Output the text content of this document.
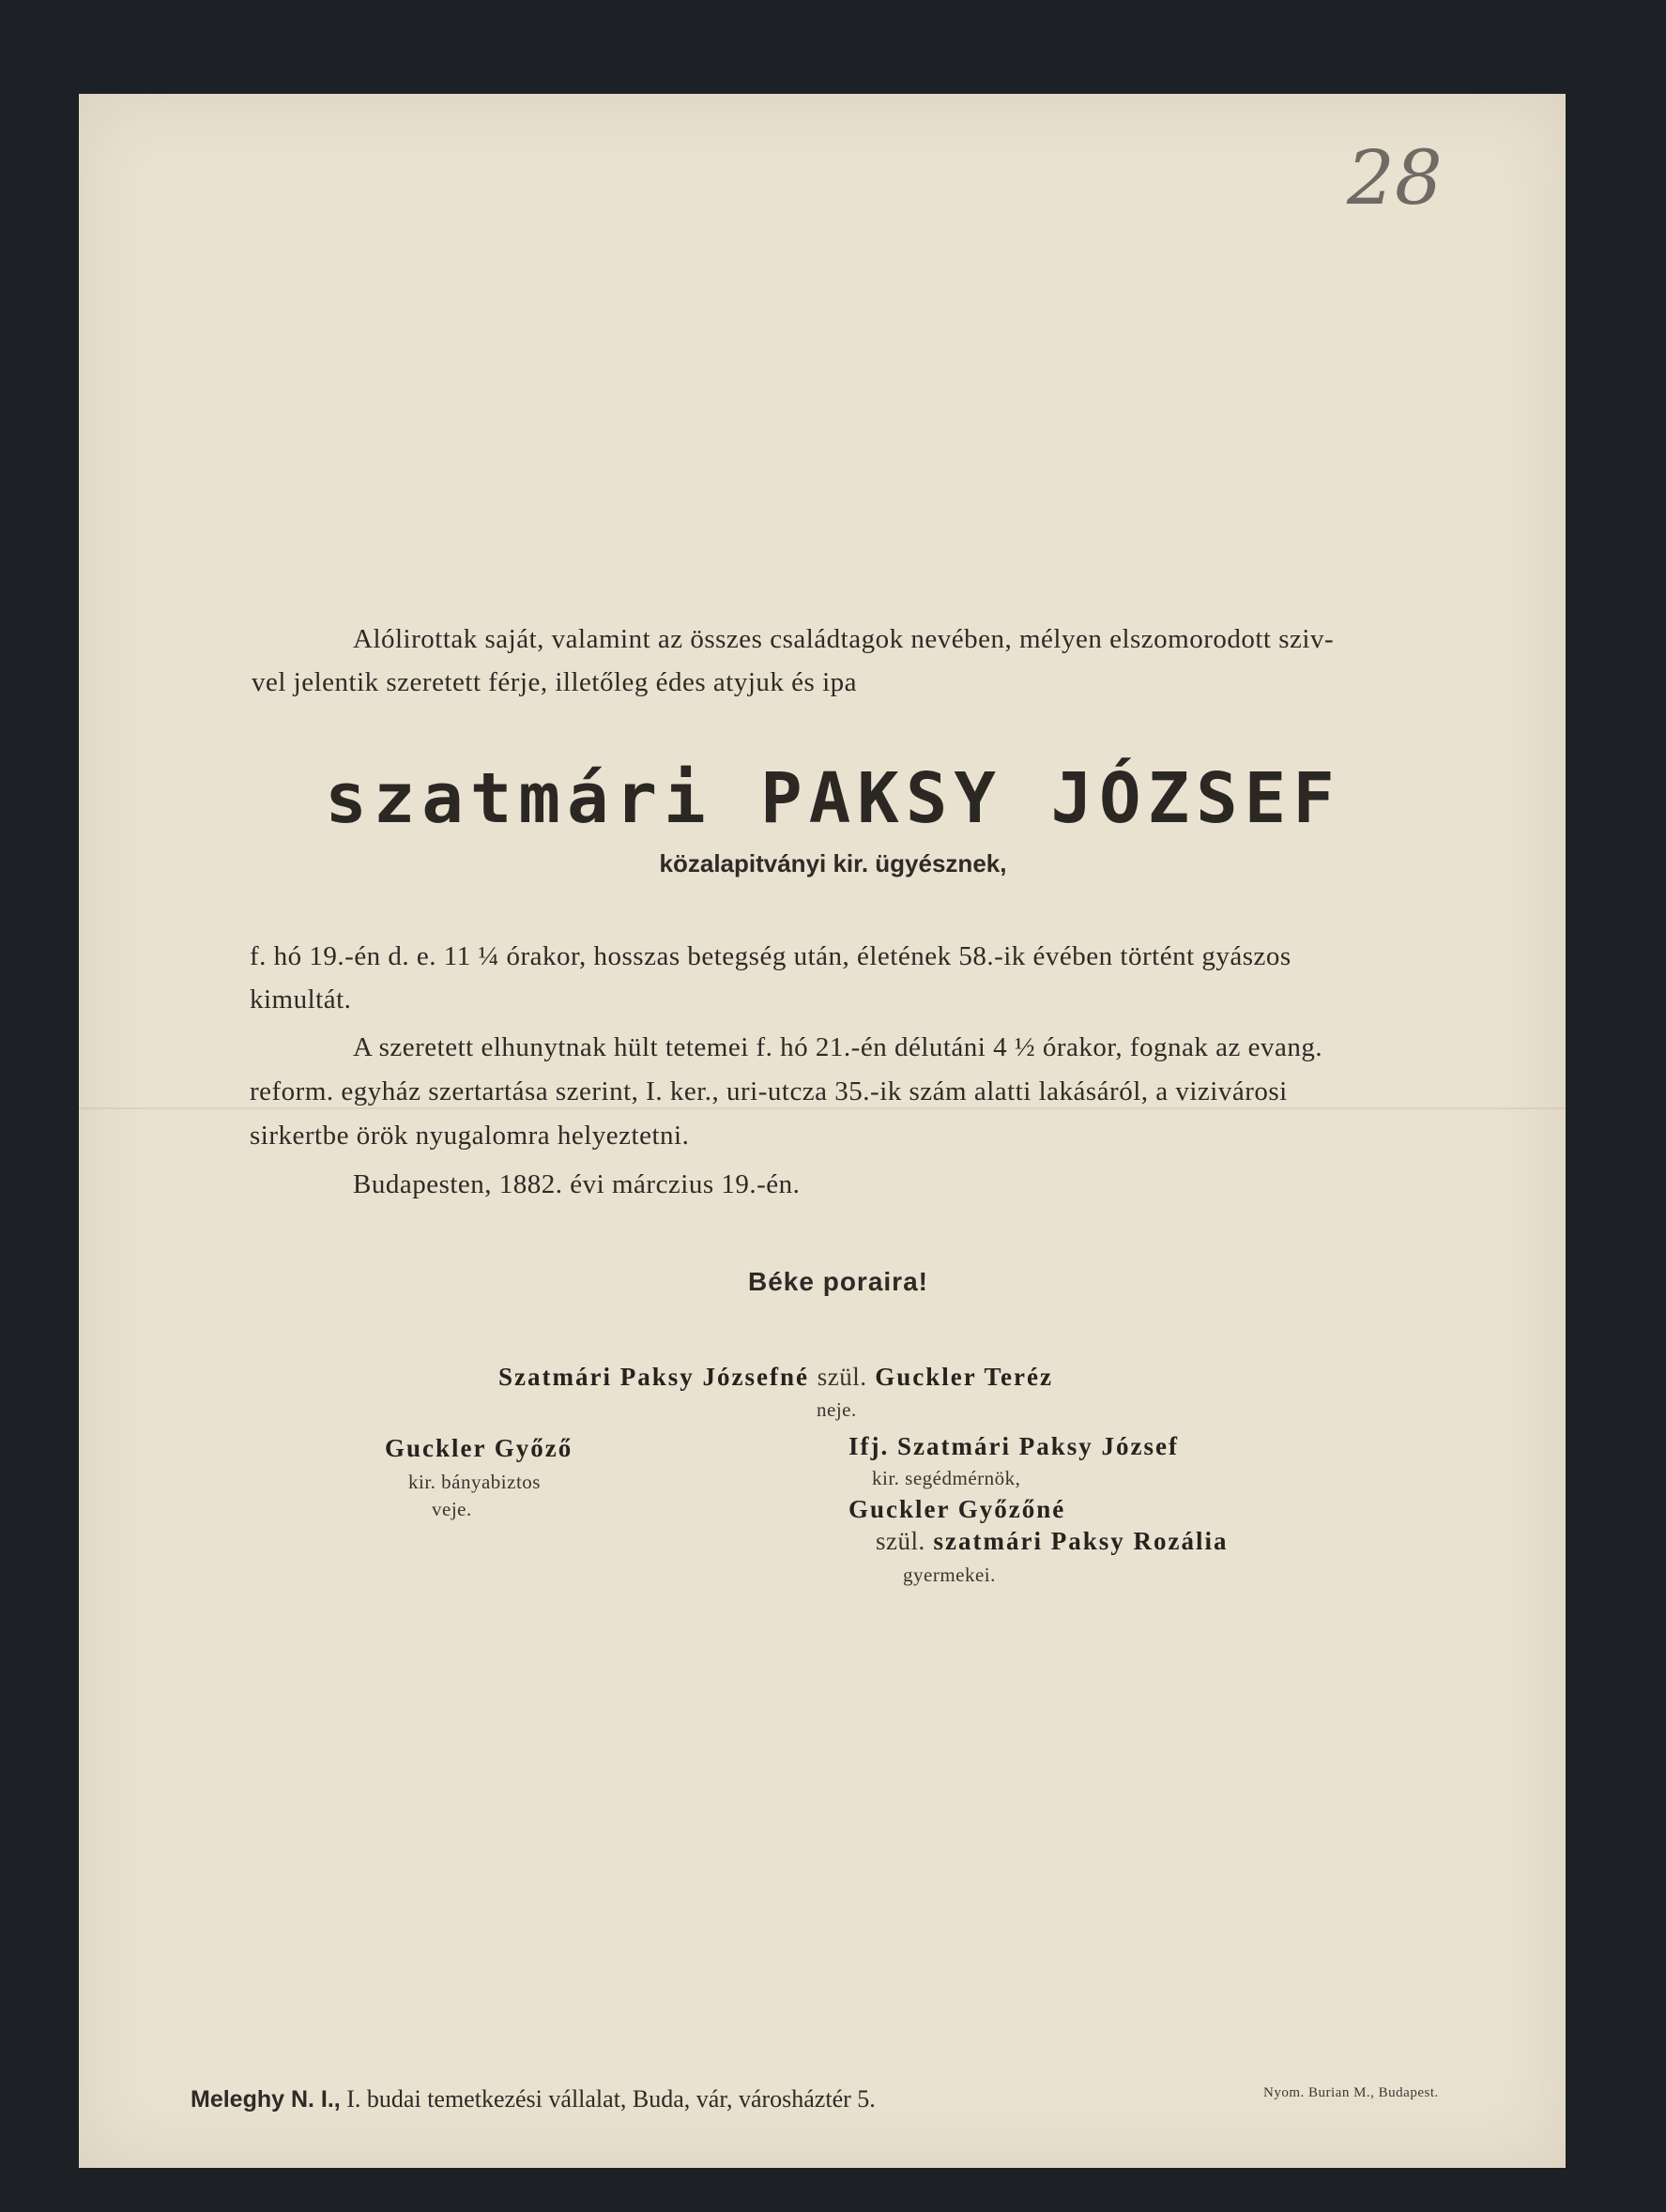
28
Alólirottak saját, valamint az összes családtagok nevében, mélyen elszomorodott sziv-
vel jelentik szeretett férje, illetőleg édes atyjuk és ipa
szatmári PAKSY JÓZSEF
közalapitványi kir. ügyésznek,
f. hó 19.-én d. e. 11 ¼ órakor, hosszas betegség után, életének 58.-ik évében történt gyászos
kimultát.
A szeretett elhunytnak hült tetemei f. hó 21.-én délutáni 4 ½ órakor, fognak az evang.
reform. egyház szertartása szerint, I. ker., uri-utcza 35.-ik szám alatti lakásáról, a vizivárosi
sirkertbe örök nyugalomra helyeztetni.
Budapesten, 1882. évi márczius 19.-én.
Béke poraira!
Szatmári Paksy Józsefné szül. Guckler Teréz
neje.
Guckler Győző
kir. bányabiztos
veje.
Ifj. Szatmári Paksy József
kir. segédmérnök,
Guckler Győzőné
szül. szatmári Paksy Rozália
gyermekei.
Meleghy N. I., I. budai temetkezési vállalat, Buda, vár, városháztér 5.	Nyom. Burian M., Budapest.
